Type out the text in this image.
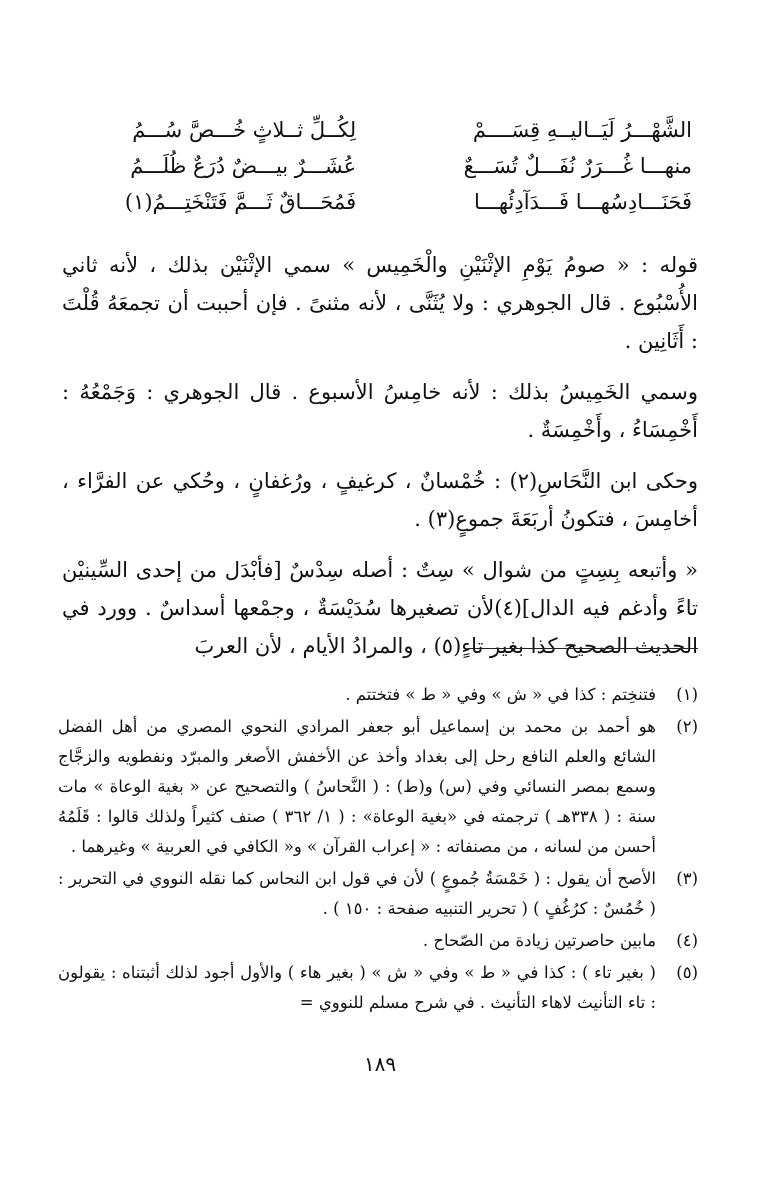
الشَّهْـــرُ لَيَــاليــهِ قِسَــــمْ
لِكُــلِّ ثــلاثٍ خُـــصَّ سُـــمُ
منهـــا غُـــرَرٌ نُفَـــلٌ تُسَـــعٌ
عُشَـــرٌ بيـــضٌ دُرَعٌ ظُلَـــمُ
فَحَنَـــادِسُهـــا فَـــدَآدِئُهـــا
فَمُحَـــاقٌ ثَـــمَّ فَتَنْخَتِـــمُ(١)

قوله : « صومُ يَوْمِ الإثْنَيْنِ والْخَمِيس » سمي الإثْنَيْن بذلك ، لأنه ثاني الأُسْبُوع . قال الجوهري : ولا يُثَنَّى ، لأنه مثنىً . فإن أحببت أن تجمعَهُ قُلْتَ : أَثَانِين .

وسمي الخَمِيسُ بذلك : لأنه خامِسُ الأسبوع . قال الجوهري : وَجَمْعُهُ : أَخْمِسَاءُ ، وأَخْمِسَةٌ .

وحكى ابن النَّحَاسِ(٢) : خُمْسانٌ ، كرغيفٍ ، ورُغفانٍ ، وحُكي عن الفرَّاء ، أخامِسَ ، فتكونُ أربَعَةَ جموعٍ(٣) .

« وأتبعه بِسِتٍ من شوال » سِتٌ : أصله سِدْسٌ [فأبْدَل من إحدى السِّينيْن تاءً وأدغم فيه الدال](٤)لأن تصغيرها سُدَيْسَةٌ ، وجمْعها أسداسٌ . وورد في الحديث الصحيح كذا بغير تاءٍ(٥) ، والمرادُ الأيام ، لأن العربَ

(١)
فتنخِتم : كذا في « ش » وفي « ط » فتختتم .
(٢)
هو أحمد بن محمد بن إسماعيل أبو جعفر المرادي النحوي المصري من أهل الفضل الشائع والعلم النافع رحل إلى بغداد وأخذ عن الأخفش الأصغر والمبرّد ونفطويه والزجَّاج وسمع بمصر النسائي وفي (س) و(ط) : ( النَّحاسُ ) والتصحيح عن « بغية الوعاة » مات سنة : ( ٣٣٨هـ ) ترجمته في «بغية الوعاة» : ( ١/ ٣٦٢ ) صنف كثيراً ولذلك قالوا : قَلَمُهُ أحسن من لسانه ، من مصنفاته : « إعراب القرآن » و« الكافي في العربية » وغيرهما .
(٣)
الأصح أن يقول : ( خَمْسَةُ جُموعٍ ) لأن في قول ابن النحاس كما نقله النووي في التحرير : ( خُمُسٌ : كرُغُفٍ ) ( تحرير التنبيه صفحة : ١٥٠ ) .
(٤)
مابين حاصرتين زيادة من الصّحاح .
(٥)
( بغير تاء ) : كذا في « ط » وفي « ش » ( بغير هاء ) والأول أجود لذلك أثبتناه : يقولون : تاء التأنيث لاهاء التأنيث . في شرح مسلم للنووي =
١٨٩
